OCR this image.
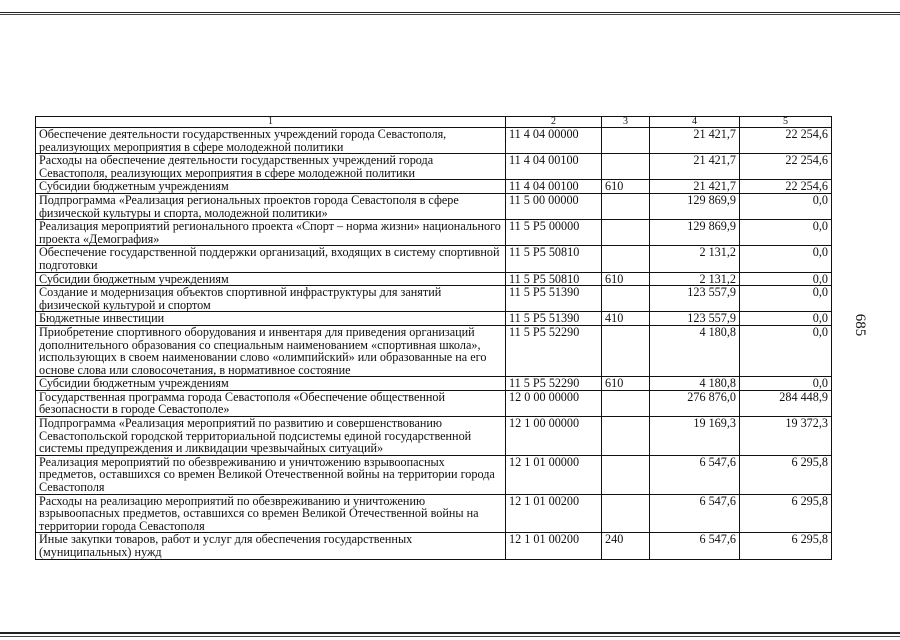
1	2	3	4	5
Обеспечение деятельности государственных учреждений города Севастополя, реализующих мероприятия в сфере молодежной политики	11 4 04 00000		21 421,7	22 254,6
Расходы на обеспечение деятельности государственных учреждений города Севастополя, реализующих мероприятия в сфере молодежной политики	11 4 04 00100		21 421,7	22 254,6
Субсидии бюджетным учреждениям	11 4 04 00100	610	21 421,7	22 254,6
Подпрограмма «Реализация региональных проектов города Севастополя в сфере физической культуры и спорта, молодежной политики»	11 5 00 00000		129 869,9	0,0
Реализация мероприятий регионального проекта «Спорт – норма жизни» национального проекта «Демография»	11 5 P5 00000		129 869,9	0,0
Обеспечение государственной поддержки организаций, входящих в систему спортивной подготовки	11 5 P5 50810		2 131,2	0,0
Субсидии бюджетным учреждениям	11 5 P5 50810	610	2 131,2	0,0
Создание и модернизация объектов спортивной инфраструктуры для занятий физической культурой и спортом	11 5 P5 51390		123 557,9	0,0
Бюджетные инвестиции	11 5 P5 51390	410	123 557,9	0,0
Приобретение спортивного оборудования и инвентаря для приведения организаций дополнительного образования со специальным наименованием «спортивная школа», использующих в своем наименовании слово «олимпийский» или образованные на его основе слова или словосочетания, в нормативное состояние	11 5 P5 52290		4 180,8	0,0
Субсидии бюджетным учреждениям	11 5 P5 52290	610	4 180,8	0,0
Государственная программа города Севастополя «Обеспечение общественной безопасности в городе Севастополе»	12 0 00 00000		276 876,0	284 448,9
Подпрограмма «Реализация мероприятий по развитию и совершенствованию Севастопольской городской территориальной подсистемы единой государственной системы предупреждения и ликвидации чрезвычайных ситуаций»	12 1 00 00000		19 169,3	19 372,3
Реализация мероприятий по обезвреживанию и уничтожению взрывоопасных предметов, оставшихся со времен Великой Отечественной войны на территории города Севастополя	12 1 01 00000		6 547,6	6 295,8
Расходы на реализацию мероприятий по обезвреживанию и уничтожению взрывоопасных предметов, оставшихся со времен Великой Отечественной войны на территории города Севастополя	12 1 01 00200		6 547,6	6 295,8
Иные закупки товаров, работ и услуг для обеспечения государственных (муниципальных) нужд	12 1 01 00200	240	6 547,6	6 295,8
685
